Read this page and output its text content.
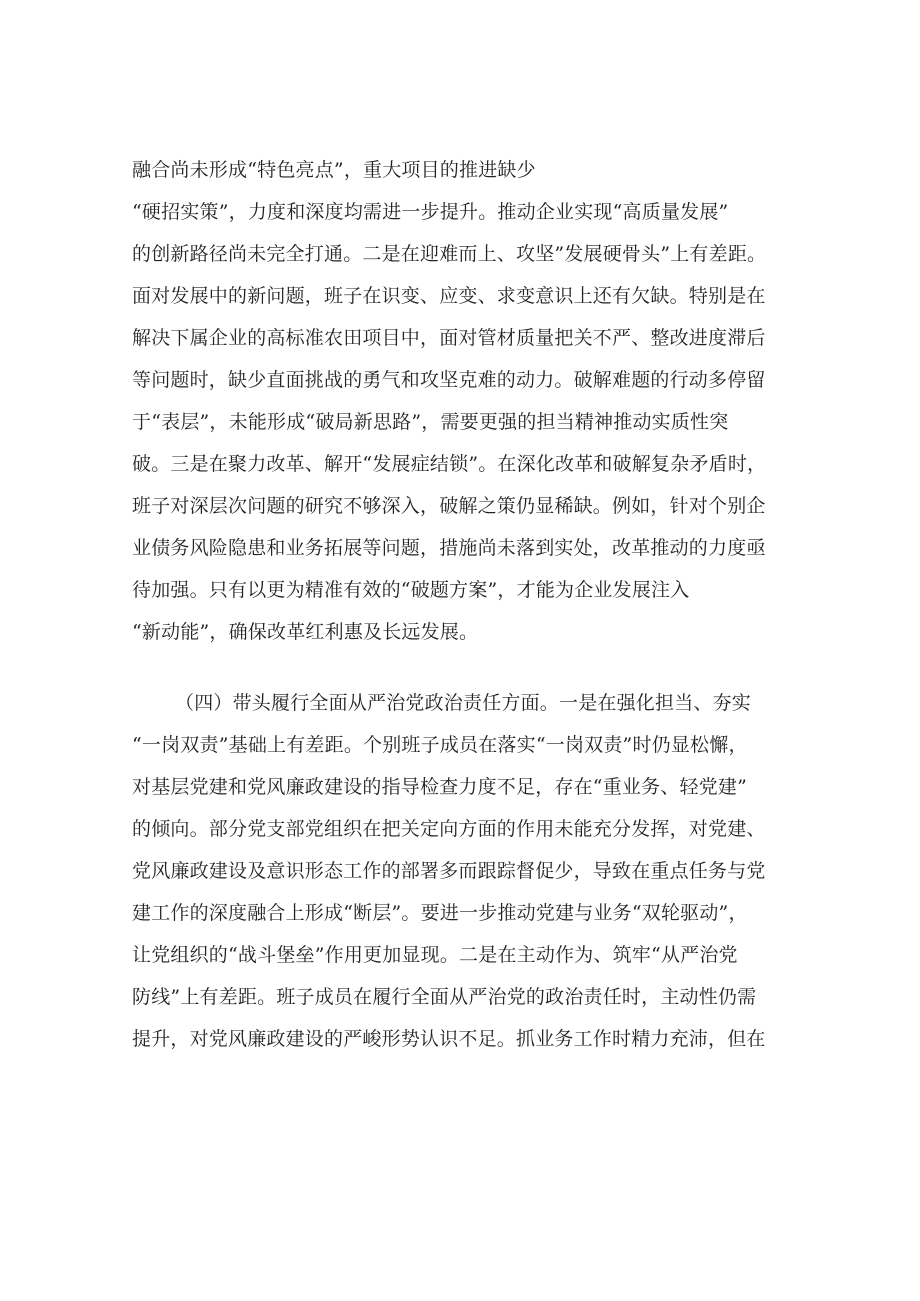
融合尚未形成“特色亮点”，重大项目的推进缺少
“硬招实策”，力度和深度均需进一步提升。推动企业实现“高质量发展”
的创新路径尚未完全打通。二是在迎难而上、攻坚”发展硬骨头”上有差距。
面对发展中的新问题，班子在识变、应变、求变意识上还有欠缺。特别是在
解决下属企业的高标准农田项目中，面对管材质量把关不严、整改进度滞后
等问题时，缺少直面挑战的勇气和攻坚克难的动力。破解难题的行动多停留
于“表层”，未能形成“破局新思路”，需要更强的担当精神推动实质性突
破。三是在聚力改革、解开“发展症结锁”。在深化改革和破解复杂矛盾时，
班子对深层次问题的研究不够深入，破解之策仍显稀缺。例如，针对个别企
业债务风险隐患和业务拓展等问题，措施尚未落到实处，改革推动的力度亟
待加强。只有以更为精准有效的“破题方案”，才能为企业发展注入
“新动能”，确保改革红利惠及长远发展。
（四）带头履行全面从严治党政治责任方面。一是在强化担当、夯实
“一岗双责”基础上有差距。个别班子成员在落实“一岗双责”时仍显松懈，
对基层党建和党风廉政建设的指导检查力度不足，存在“重业务、轻党建”
的倾向。部分党支部党组织在把关定向方面的作用未能充分发挥，对党建、
党风廉政建设及意识形态工作的部署多而跟踪督促少，导致在重点任务与党
建工作的深度融合上形成“断层”。要进一步推动党建与业务“双轮驱动”，
让党组织的“战斗堡垒”作用更加显现。二是在主动作为、筑牢“从严治党
防线”上有差距。班子成员在履行全面从严治党的政治责任时，主动性仍需
提升，对党风廉政建设的严峻形势认识不足。抓业务工作时精力充沛，但在
